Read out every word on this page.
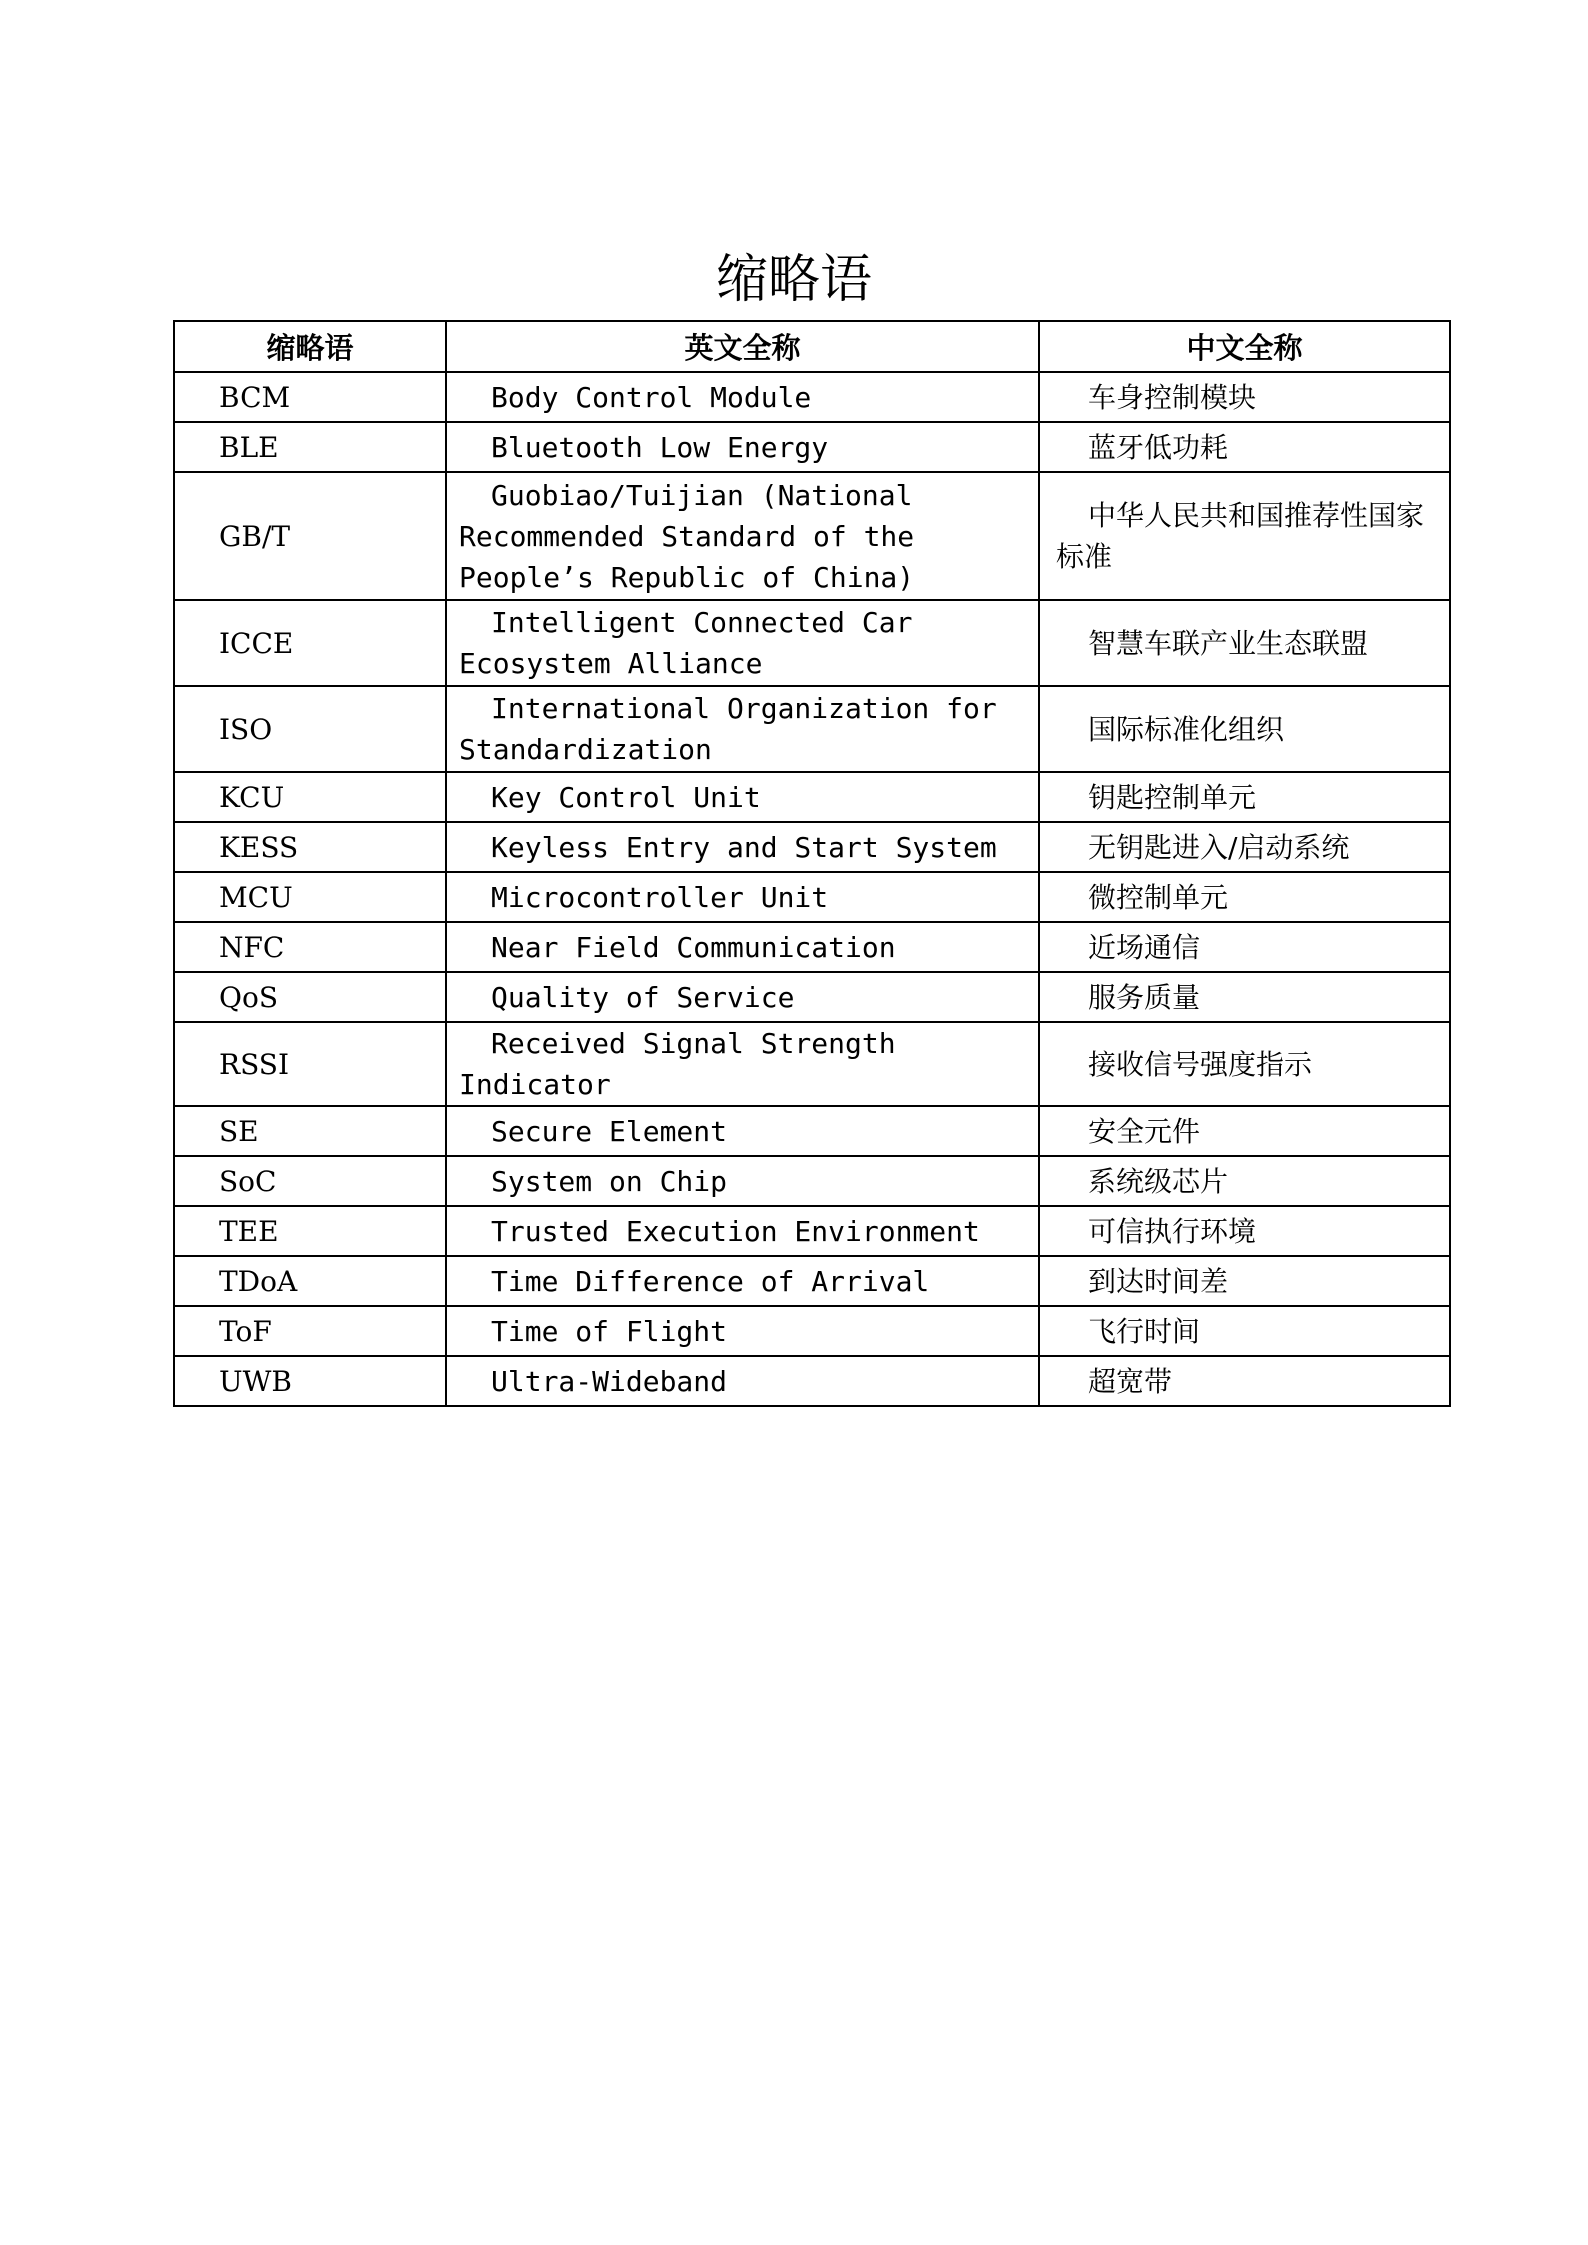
缩略语
缩略语	英文全称	中文全称
BCM	Body Control Module	车身控制模块
BLE	Bluetooth Low Energy	蓝牙低功耗
GB/T	Guobiao/Tuijian (National Recommended Standard of the People’s Republic of China)	中华人民共和国推荐性国家标准
ICCE	Intelligent Connected Car Ecosystem Alliance	智慧车联产业生态联盟
ISO	International Organization for Standardization	国际标准化组织
KCU	Key Control Unit	钥匙控制单元
KESS	Keyless Entry and Start System	无钥匙进入/启动系统
MCU	Microcontroller Unit	微控制单元
NFC	Near Field Communication	近场通信
QoS	Quality of Service	服务质量
RSSI	Received Signal Strength Indicator	接收信号强度指示
SE	Secure Element	安全元件
SoC	System on Chip	系统级芯片
TEE	Trusted Execution Environment	可信执行环境
TDoA	Time Difference of Arrival	到达时间差
ToF	Time of Flight	飞行时间
UWB	Ultra-Wideband	超宽带
